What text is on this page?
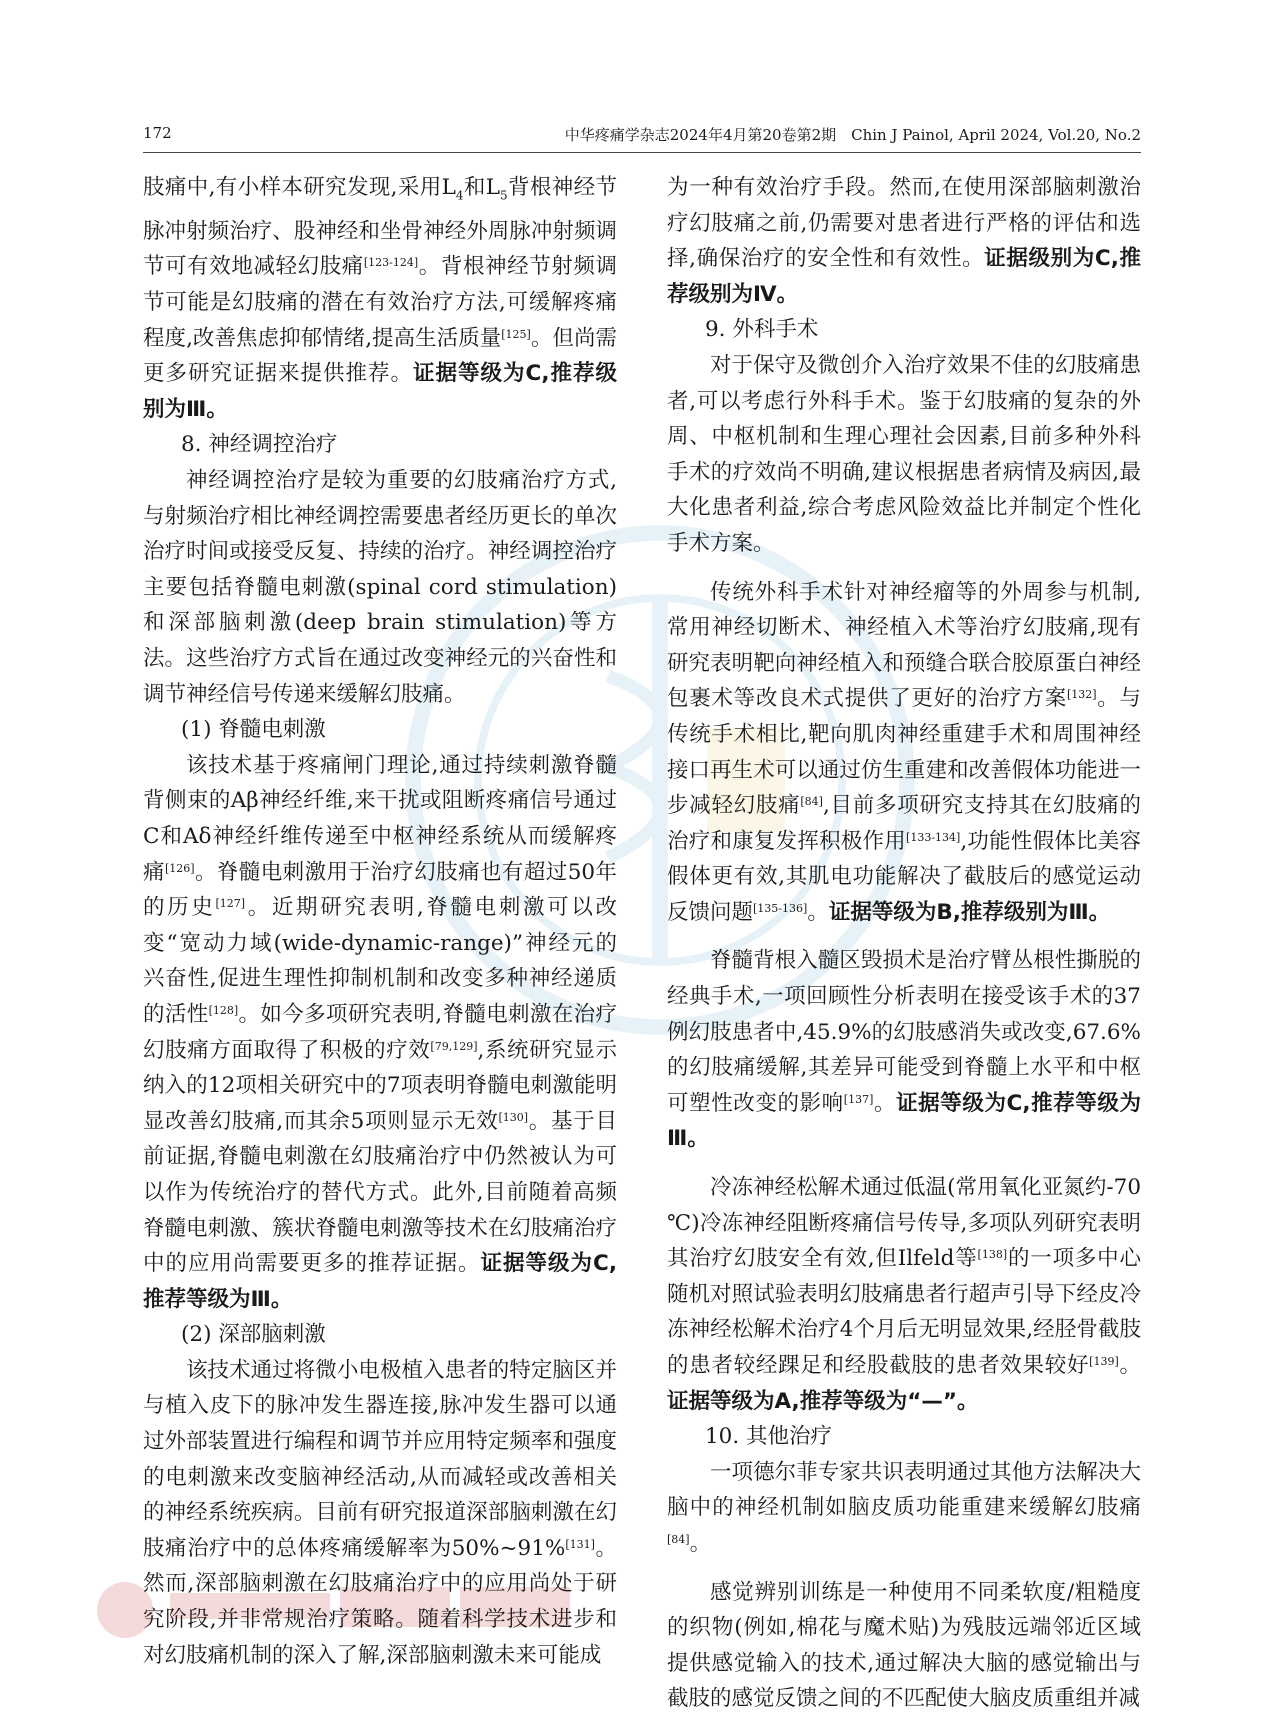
172	中华疼痛学杂志2024年4月第20卷第2期　Chin J Painol, April 2024, Vol.20, No.2

肢痛中,有小样本研究发现,采用$L_4$和$L_5$背根神经节脉冲射频治疗、股神经和坐骨神经外周脉冲射频调节可有效地减轻幻肢痛[123-124]。背根神经节射频调节可能是幻肢痛的潜在有效治疗方法,可缓解疼痛程度,改善焦虑抑郁情绪,提高生活质量[125]。但尚需更多研究证据来提供推荐。证据等级为C,推荐级别为Ⅲ。

8. 神经调控治疗

神经调控治疗是较为重要的幻肢痛治疗方式,与射频治疗相比神经调控需要患者经历更长的单次治疗时间或接受反复、持续的治疗。神经调控治疗主要包括脊髓电刺激(spinal cord stimulation)和深部脑刺激(deep brain stimulation)等方法。这些治疗方式旨在通过改变神经元的兴奋性和调节神经信号传递来缓解幻肢痛。

(1) 脊髓电刺激

该技术基于疼痛闸门理论,通过持续刺激脊髓背侧束的Aβ神经纤维,来干扰或阻断疼痛信号通过C和Aδ神经纤维传递至中枢神经系统从而缓解疼痛[126]。脊髓电刺激用于治疗幻肢痛也有超过50年的历史[127]。近期研究表明,脊髓电刺激可以改变“宽动力域(wide-dynamic-range)”神经元的兴奋性,促进生理性抑制机制和改变多种神经递质的活性[128]。如今多项研究表明,脊髓电刺激在治疗幻肢痛方面取得了积极的疗效[79,129],系统研究显示纳入的12项相关研究中的7项表明脊髓电刺激能明显改善幻肢痛,而其余5项则显示无效[130]。基于目前证据,脊髓电刺激在幻肢痛治疗中仍然被认为可以作为传统治疗的替代方式。此外,目前随着高频脊髓电刺激、簇状脊髓电刺激等技术在幻肢痛治疗中的应用尚需要更多的推荐证据。证据等级为C,推荐等级为Ⅲ。

(2) 深部脑刺激

该技术通过将微小电极植入患者的特定脑区并与植入皮下的脉冲发生器连接,脉冲发生器可以通过外部装置进行编程和调节并应用特定频率和强度的电刺激来改变脑神经活动,从而减轻或改善相关的神经系统疾病。目前有研究报道深部脑刺激在幻肢痛治疗中的总体疼痛缓解率为50%~91%[131]。然而,深部脑刺激在幻肢痛治疗中的应用尚处于研究阶段,并非常规治疗策略。随着科学技术进步和对幻肢痛机制的深入了解,深部脑刺激未来可能成

为一种有效治疗手段。然而,在使用深部脑刺激治疗幻肢痛之前,仍需要对患者进行严格的评估和选择,确保治疗的安全性和有效性。证据级别为C,推荐级别为Ⅳ。

9. 外科手术

对于保守及微创介入治疗效果不佳的幻肢痛患者,可以考虑行外科手术。鉴于幻肢痛的复杂的外周、中枢机制和生理心理社会因素,目前多种外科手术的疗效尚不明确,建议根据患者病情及病因,最大化患者利益,综合考虑风险效益比并制定个性化手术方案。

传统外科手术针对神经瘤等的外周参与机制,常用神经切断术、神经植入术等治疗幻肢痛,现有研究表明靶向神经植入和预缝合联合胶原蛋白神经包裹术等改良术式提供了更好的治疗方案[132]。与传统手术相比,靶向肌肉神经重建手术和周围神经接口再生术可以通过仿生重建和改善假体功能进一步减轻幻肢痛[84],目前多项研究支持其在幻肢痛的治疗和康复发挥积极作用[133-134],功能性假体比美容假体更有效,其肌电功能解决了截肢后的感觉运动反馈问题[135-136]。证据等级为B,推荐级别为Ⅲ。

脊髓背根入髓区毁损术是治疗臂丛根性撕脱的经典手术,一项回顾性分析表明在接受该手术的37例幻肢患者中,45.9%的幻肢感消失或改变,67.6%的幻肢痛缓解,其差异可能受到脊髓上水平和中枢可塑性改变的影响[137]。证据等级为C,推荐等级为Ⅲ。

冷冻神经松解术通过低温(常用氧化亚氮约-70 ℃)冷冻神经阻断疼痛信号传导,多项队列研究表明其治疗幻肢安全有效,但Ilfeld等[138]的一项多中心随机对照试验表明幻肢痛患者行超声引导下经皮冷冻神经松解术治疗4个月后无明显效果,经胫骨截肢的患者较经踝足和经股截肢的患者效果较好[139]。证据等级为A,推荐等级为“—”。

10. 其他治疗

一项德尔菲专家共识表明通过其他方法解决大脑中的神经机制如脑皮质功能重建来缓解幻肢痛[84]。

感觉辨别训练是一种使用不同柔软度/粗糙度的织物(例如,棉花与魔术贴)为残肢远端邻近区域提供感觉输入的技术,通过解决大脑的感觉输出与截肢的感觉反馈之间的不匹配使大脑皮质重组并减
